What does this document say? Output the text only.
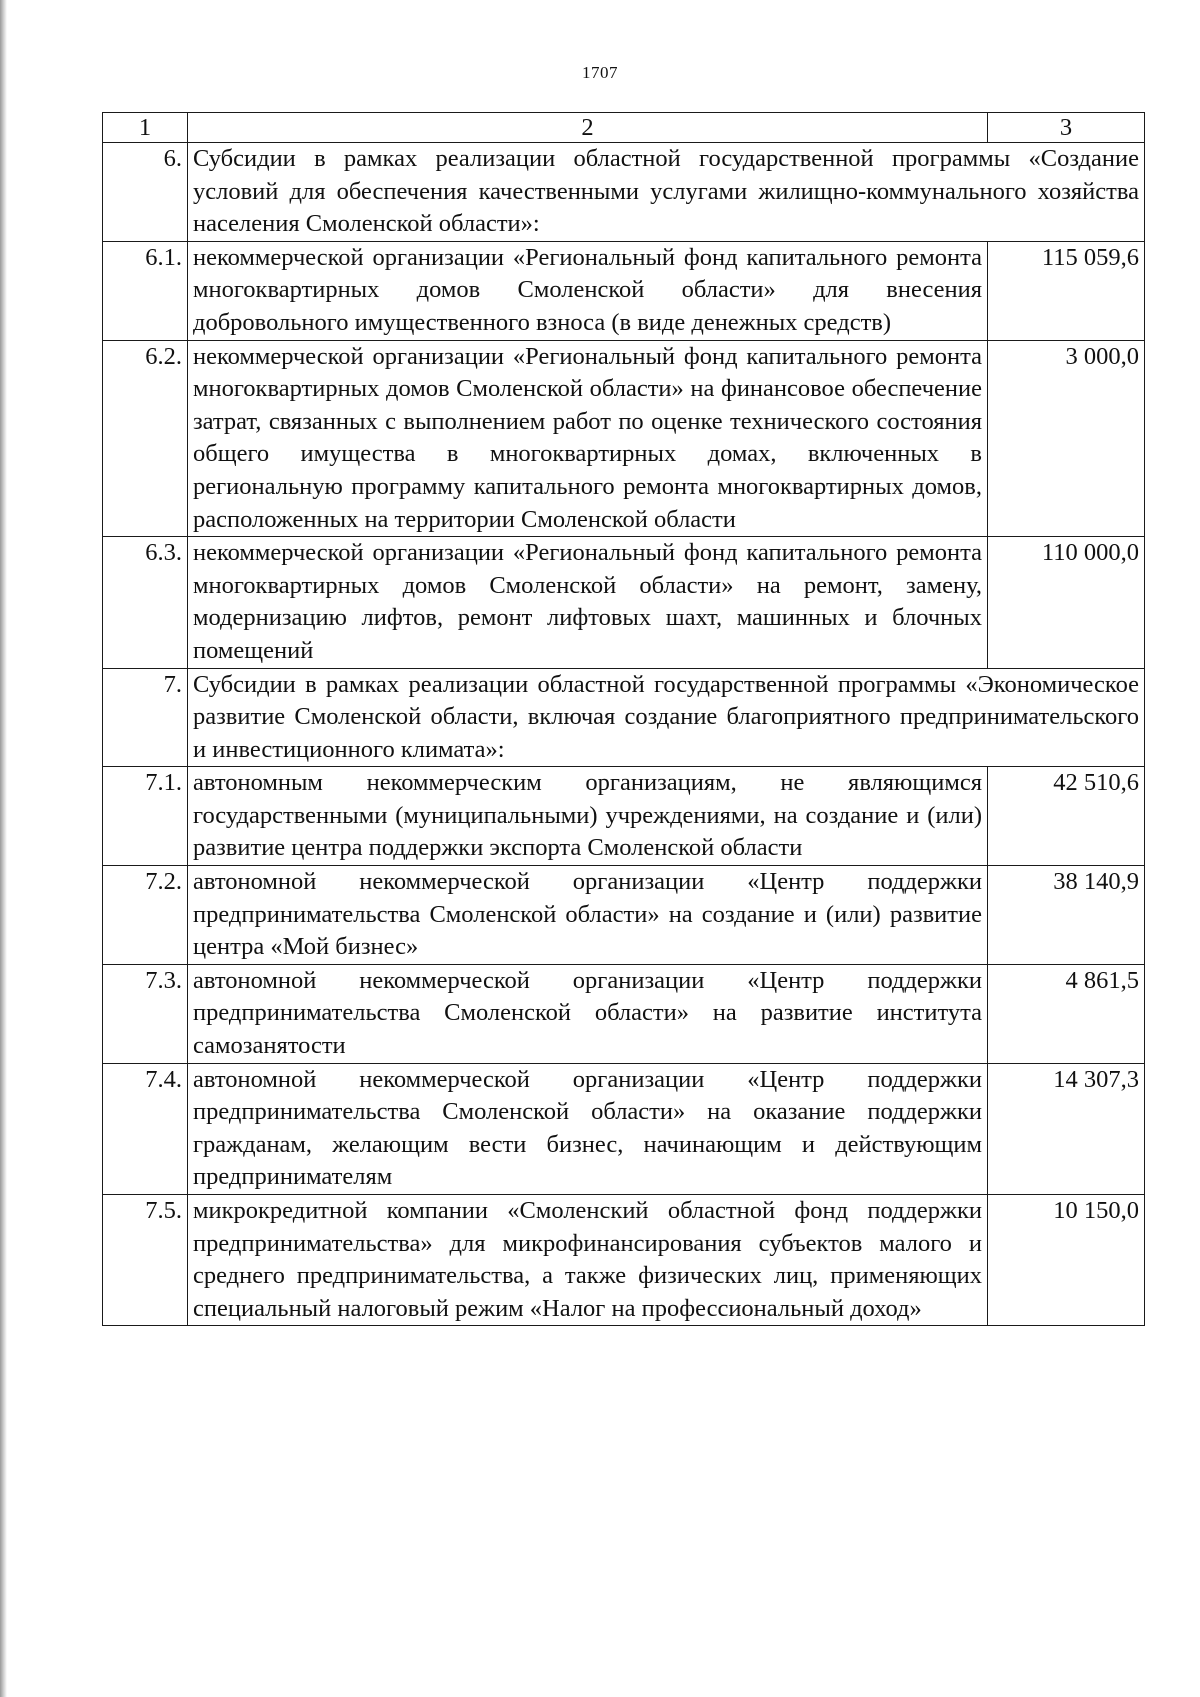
1707
1	2	3
6.	Субсидии в рамках реализации областной государственной программы «Создание условий для обеспечения качественными услугами жилищно-коммунального хозяйства населения Смоленской области»:	
6.1.	некоммерческой организации «Региональный фонд капитального ремонта многоквартирных домов Смоленской области» для внесения добровольного имущественного взноса (в виде денежных средств)	115 059,6
6.2.	некоммерческой организации «Региональный фонд капитального ремонта многоквартирных домов Смоленской области» на финансовое обеспечение затрат, связанных с выполнением работ по оценке технического состояния общего имущества в многоквартирных домах, включенных в региональную программу капитального ремонта многоквартирных домов, расположенных на территории Смоленской области	3 000,0
6.3.	некоммерческой организации «Региональный фонд капитального ремонта многоквартирных домов Смоленской области» на ремонт, замену, модернизацию лифтов, ремонт лифтовых шахт, машинных и блочных помещений	110 000,0
7.	Субсидии в рамках реализации областной государственной программы «Экономическое развитие Смоленской области, включая создание благоприятного предпринимательского и инвестиционного климата»:	
7.1.	автономным некоммерческим организациям, не являющимся государственными (муниципальными) учреждениями, на создание и (или) развитие центра поддержки экспорта Смоленской области	42 510,6
7.2.	автономной некоммерческой организации «Центр поддержки предпринимательства Смоленской области» на создание и (или) развитие центра «Мой бизнес»	38 140,9
7.3.	автономной некоммерческой организации «Центр поддержки предпринимательства Смоленской области» на развитие института самозанятости	4 861,5
7.4.	автономной некоммерческой организации «Центр поддержки предпринимательства Смоленской области» на оказание поддержки гражданам, желающим вести бизнес, начинающим и действующим предпринимателям	14 307,3
7.5.	микрокредитной компании «Смоленский областной фонд поддержки предпринимательства» для микрофинансирования субъектов малого и среднего предпринимательства, а также физических лиц, применяющих специальный налоговый режим «Налог на профессиональный доход»	10 150,0
